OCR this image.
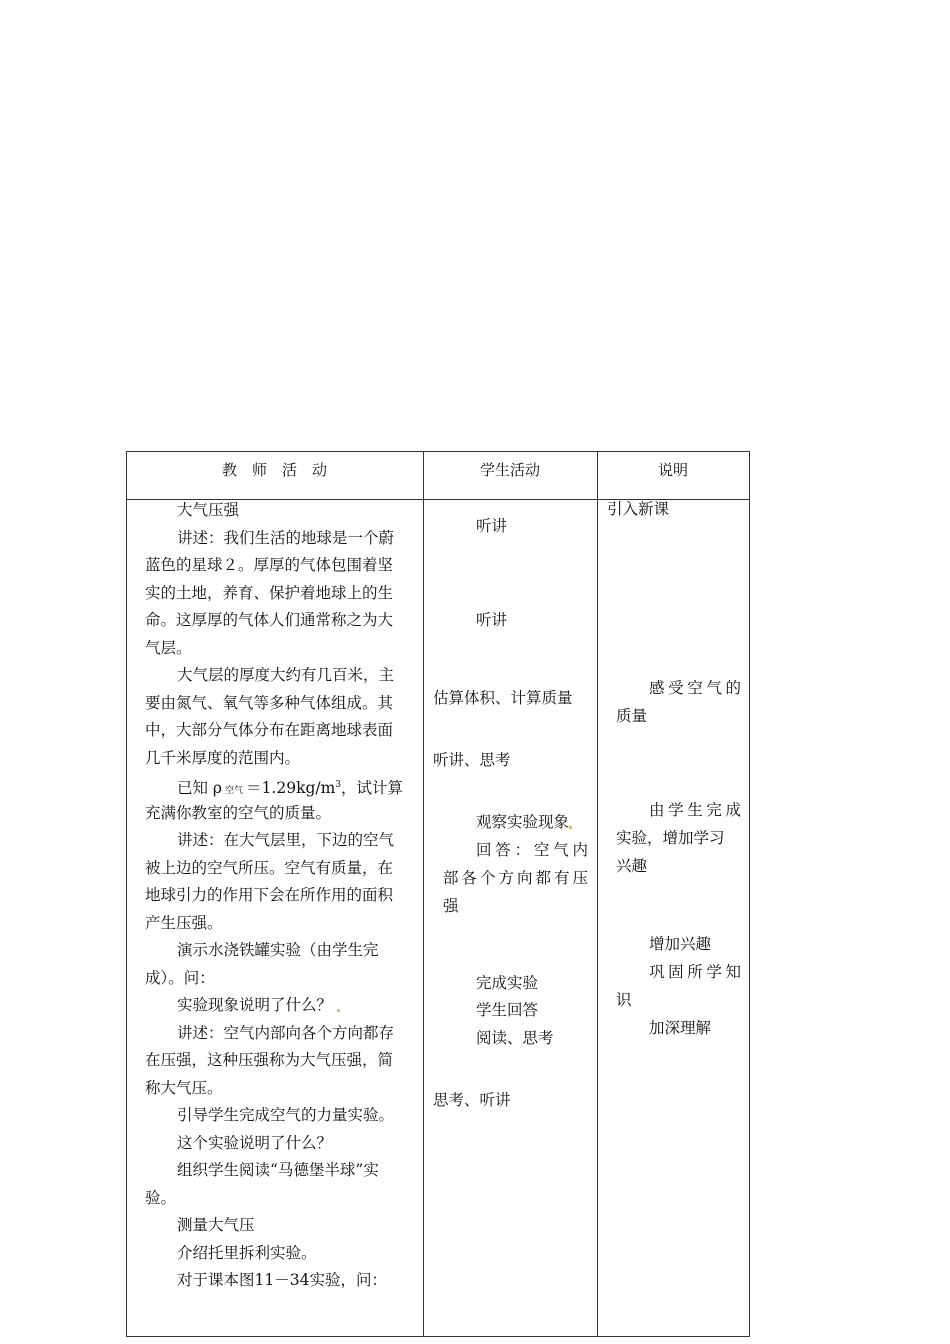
教　师　活　动	学生活动	说明
大气压强
讲述：我们生活的地球是一个蔚
蓝色的星球２。厚厚的气体包围着坚
实的土地，养育、保护着地球上的生
命。这厚厚的气体人们通常称之为大
气层。
大气层的厚度大约有几百米，主
要由氮气、氧气等多种气体组成。其
中，大部分气体分布在距离地球表面
几千米厚度的范围内。
已知 ρ 空气 $=1.29kg/m^3$，试计算
充满你教室的空气的质量。
讲述：在大气层里，下边的空气
被上边的空气所压。空气有质量，在
地球引力的作用下会在所作用的面积
产生压强。
演示水浇铁罐实验（由学生完
成）。问：
实验现象说明了什么？
讲述：空气内部向各个方向都存
在压强，这种压强称为大气压强，简
称大气压。
引导学生完成空气的力量实验。
这个实验说明了什么？
组织学生阅读“马德堡半球”实
验。
测量大气压
介绍托里拆利实验。
对于课本图11－34实验，问：
听讲
听讲
估算体积、计算质量
听讲、思考
观察实验现象
回答：空气内
部各个方向都有压
强
完成实验
学生回答
阅读、思考
思考、听讲
引入新课
感受空气的
质量
由学生完成
实验，增加学习
兴趣
增加兴趣
巩固所学知
识
加深理解
